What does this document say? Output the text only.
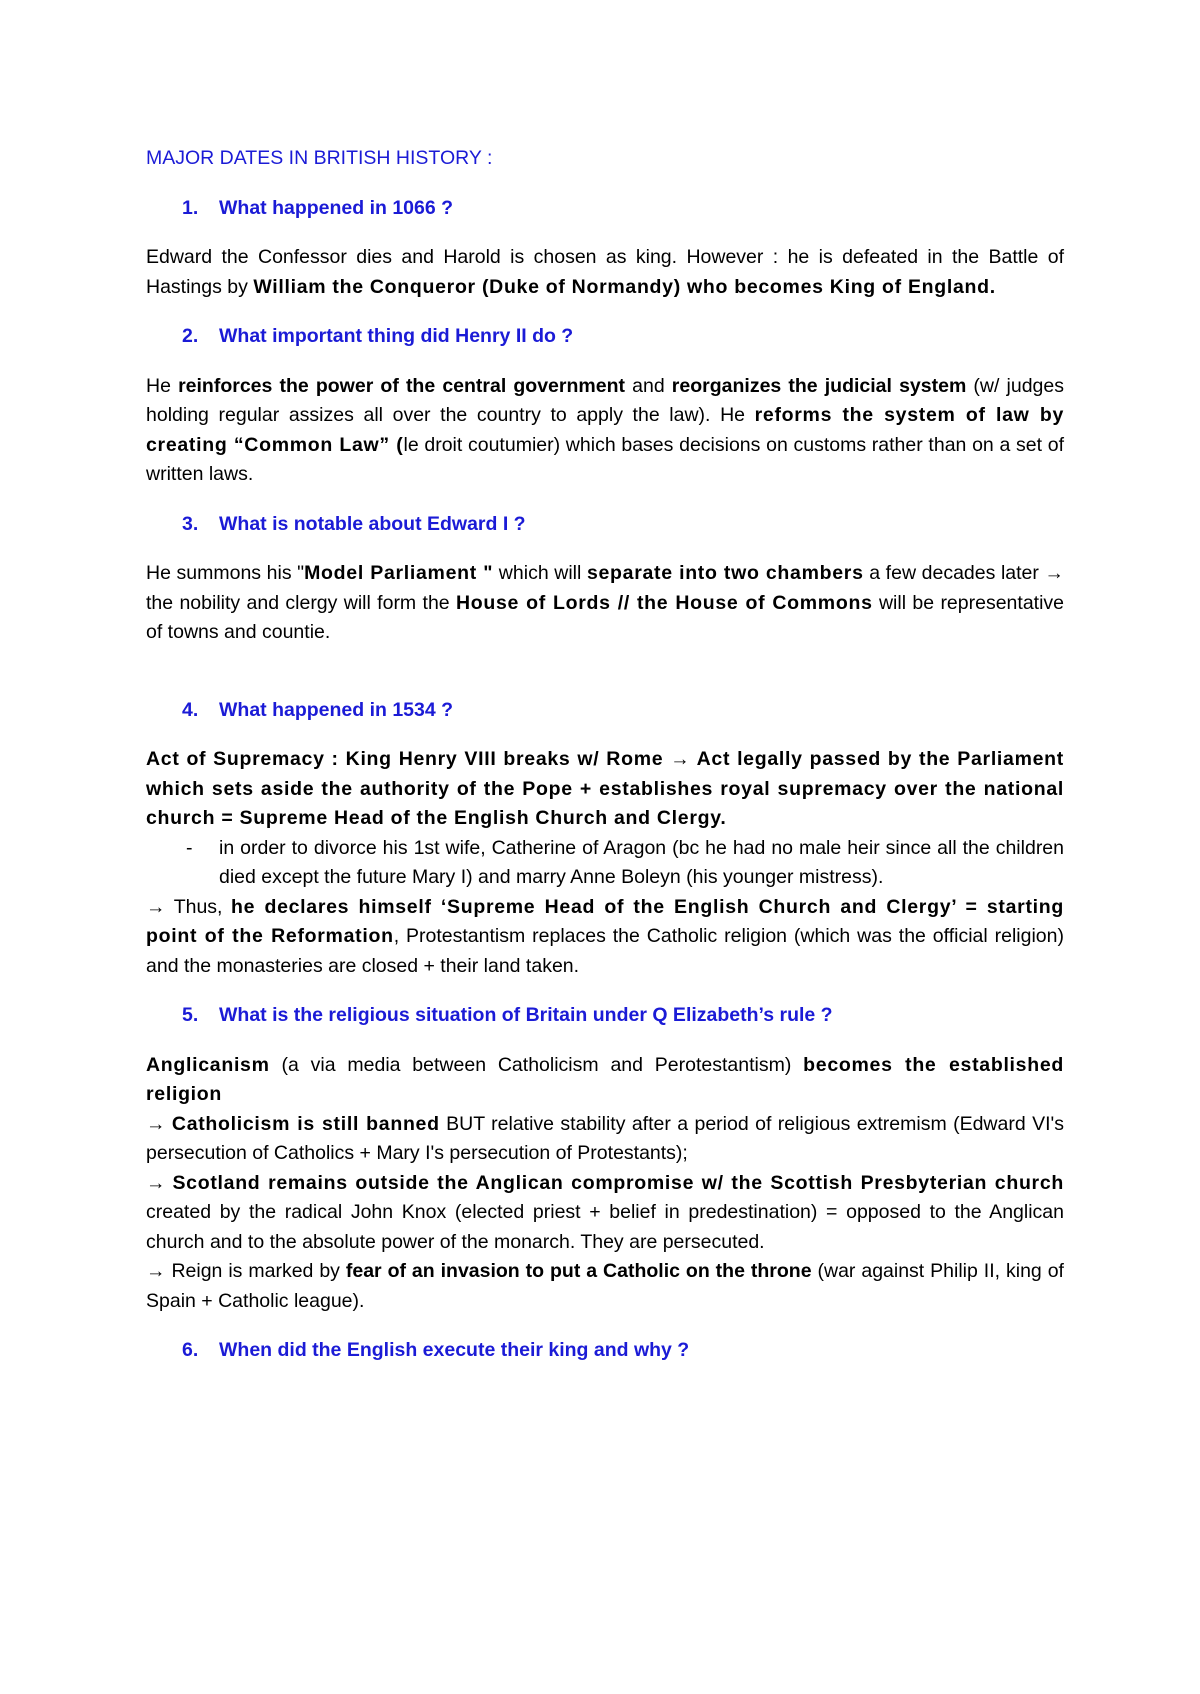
MAJOR DATES IN BRITISH HISTORY :
1. What happened in 1066 ?
Edward the Confessor dies and Harold is chosen as king. However : he is defeated in the Battle of Hastings by William the Conqueror (Duke of Normandy) who becomes King of England.
2. What important thing did Henry II do ?
He reinforces the power of the central government and reorganizes the judicial system (w/ judges holding regular assizes all over the country to apply the law). He reforms the system of law by creating “Common Law” (le droit coutumier) which bases decisions on customs rather than on a set of written laws.
3. What is notable about Edward I ?
He summons his "Model Parliament " which will separate into two chambers a few decades later → the nobility and clergy will form the House of Lords // the House of Commons will be representative of towns and countie.
4. What happened in 1534 ?
Act of Supremacy : King Henry VIII breaks w/ Rome → Act legally passed by the Parliament which sets aside the authority of the Pope + establishes royal supremacy over the national church = Supreme Head of the English Church and Clergy.
- in order to divorce his 1st wife, Catherine of Aragon (bc he had no male heir since all the children died except the future Mary I) and marry Anne Boleyn (his younger mistress).
→ Thus, he declares himself ‘Supreme Head of the English Church and Clergy’ = starting point of the Reformation, Protestantism replaces the Catholic religion (which was the official religion) and the monasteries are closed + their land taken.
5. What is the religious situation of Britain under Q Elizabeth’s rule ?
Anglicanism (a via media between Catholicism and Perotestantism) becomes the established religion
→ Catholicism is still banned BUT relative stability after a period of religious extremism (Edward VI's persecution of Catholics + Mary I's persecution of Protestants);
→ Scotland remains outside the Anglican compromise w/ the Scottish Presbyterian church created by the radical John Knox (elected priest + belief in predestination) = opposed to the Anglican church and to the absolute power of the monarch. They are persecuted.
→ Reign is marked by fear of an invasion to put a Catholic on the throne (war against Philip II, king of Spain + Catholic league).
6. When did the English execute their king and why ?
